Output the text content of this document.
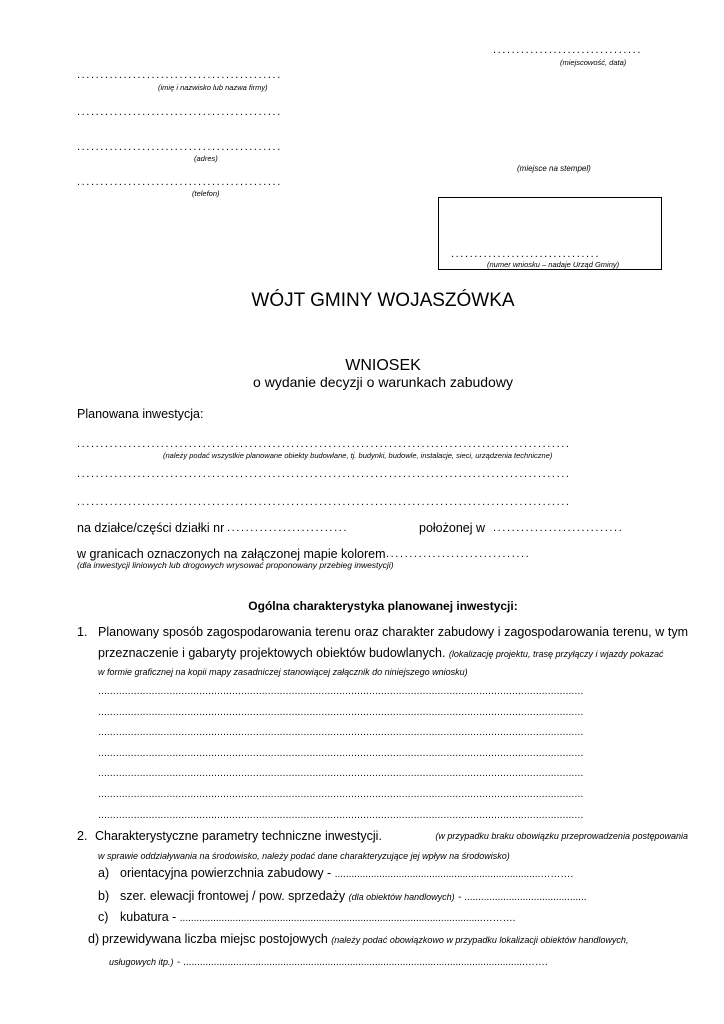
................................
(miejscowość, data)
............................................
(imię i nazwisko lub nazwa firmy)
............................................
............................................
(adres)
(miejsce na stempel)
............................................
(telefon)
................................
(numer wniosku – nadaje Urząd Gminy)
WÓJT GMINY WOJASZÓWKA
WNIOSEK
o wydanie decyzji o warunkach zabudowy
Planowana inwestycja:
..........................................................................................................
(należy podać wszystkie planowane obiekty budowlane, tj. budynki, budowle, instalacje, sieci, urządzenia techniczne)
..........................................................................................................
..........................................................................................................
na działce/części działki nr ..........................	położonej w ............................
w granicach oznaczonych na załączonej mapie kolorem ...............................
(dla inwestycji liniowych lub drogowych wrysować proponowany przebieg inwestycji)
Ogólna charakterystyka planowanej inwestycji:
1. Planowany sposób zagospodarowania terenu oraz charakter zabudowy i zagospodarowania terenu, w tym
przeznaczenie i gabaryty projektowych obiektów budowlanych. (lokalizację projektu, trasę przyłączy i wjazdy pokazać
w formie graficznej na kopii mapy zasadniczej stanowiącej załącznik do niniejszego wniosku)
...................................................................................................................................................................
...................................................................................................................................................................
...................................................................................................................................................................
...................................................................................................................................................................
...................................................................................................................................................................
...................................................................................................................................................................
...................................................................................................................................................................
2. Charakterystyczne parametry techniczne inwestycji.	(w przypadku braku obowiązku przeprowadzenia postępowania
w sprawie oddziaływania na środowisko, należy podać dane charakteryzujące jej wpływ na środowisko)
a) orientacyjna powierzchnia zabudowy - ..........................................................................……….
b) szer. elewacji frontowej / pow. sprzedaży (dla obiektów handlowych) - ............................................
c) kubatura - .............................................................................................................……….
d) przewidywana liczba miejsc postojowych (należy podać obowiązkowo w przypadku lokalizacji obiektów handlowych,
usługowych itp.) - ...........................................................................................................................…….
